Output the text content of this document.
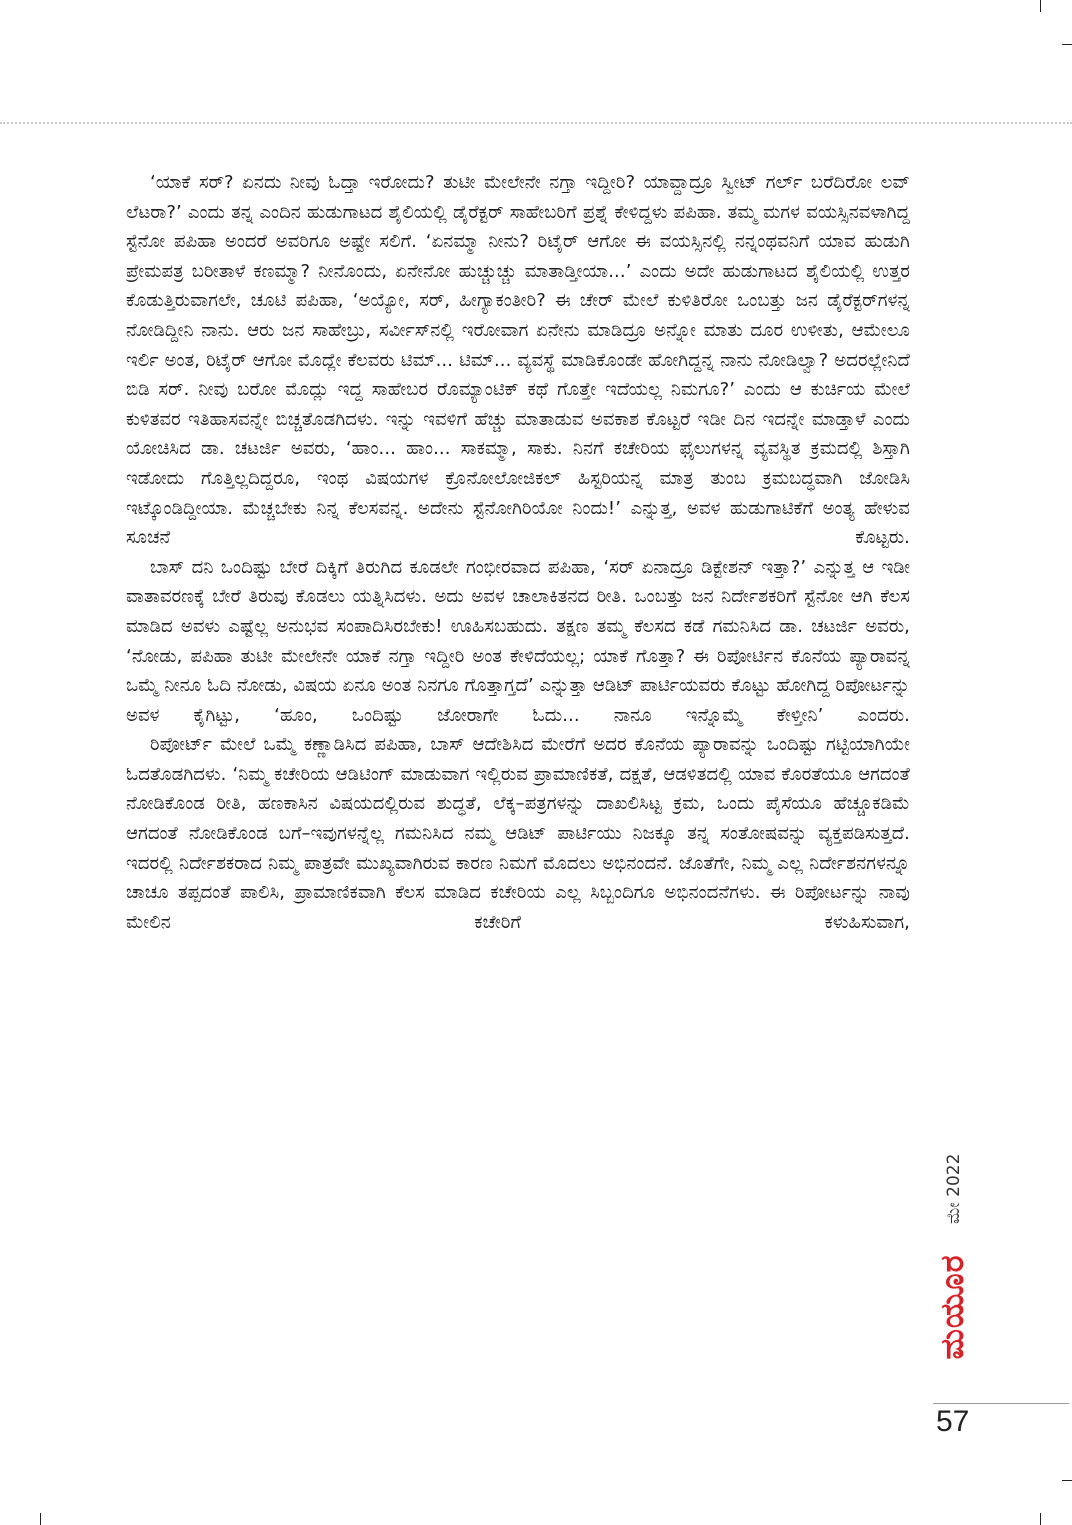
‘ಯಾಕೆ ಸರ್? ಏನದು ನೀವು ಓದ್ತಾ ಇರೋದು? ತುಟೀ ಮೇಲೇನೇ ನಗ್ತಾ ಇದ್ದೀರಿ? ಯಾವ್ದಾದ್ರೂ ಸ್ವೀಟ್ ಗರ್ಲ್ ಬರೆದಿರೋ ಲವ್ ಲೆಟರಾ?’ ಎಂದು ತನ್ನ ಎಂದಿನ ಹುಡುಗಾಟದ ಶೈಲಿಯಲ್ಲಿ ಡೈರೆಕ್ಟರ್ ಸಾಹೇಬರಿಗೆ ಪ್ರಶ್ನೆ ಕೇಳಿದ್ದಳು ಪಪಿಹಾ. ತಮ್ಮ ಮಗಳ ವಯಸ್ಸಿನವಳಾಗಿದ್ದ ಸ್ಟೆನೋ ಪಪಿಹಾ ಅಂದರೆ ಅವರಿಗೂ ಅಷ್ಟೇ ಸಲಿಗೆ. ‘ಏನಮ್ಮಾ ನೀನು? ರಿಟೈರ್ ಆಗೋ ಈ ವಯಸ್ಸಿನಲ್ಲಿ ನನ್ನಂಥವನಿಗೆ ಯಾವ ಹುಡುಗಿ ಪ್ರೇಮಪತ್ರ ಬರೀತಾಳೆ ಕಣಮ್ಮಾ? ನೀನೊಂದು, ಏನೇನೋ ಹುಚ್ಚುಚ್ಚು ಮಾತಾಡ್ತೀಯಾ...’ ಎಂದು ಅದೇ ಹುಡುಗಾಟದ ಶೈಲಿಯಲ್ಲಿ ಉತ್ತರ ಕೊಡುತ್ತಿರುವಾಗಲೇ, ಚೂಟಿ ಪಪಿಹಾ, ‘ಅಯ್ಯೋ, ಸರ್, ಹೀಗ್ಯಾಕಂತೀರಿ? ಈ ಚೇರ್ ಮೇಲೆ ಕುಳಿತಿರೋ ಒಂಬತ್ತು ಜನ ಡೈರೆಕ್ಟರ್‌ಗಳನ್ನ ನೋಡಿದ್ದೀನಿ ನಾನು. ಆರು ಜನ ಸಾಹೇಬ್ರು, ಸರ್ವೀಸ್‌ನಲ್ಲಿ ಇರೋವಾಗ ಏನೇನು ಮಾಡಿದ್ರೂ ಅನ್ನೋ ಮಾತು ದೂರ ಉಳೀತು, ಆಮೇಲೂ ಇರ್ಲಿ ಅಂತ, ರಿಟೈರ್ ಆಗೋ ಮೊದ್ಲೇ ಕೆಲವರು ಟಿಮ್... ಟಿಮ್... ವ್ಯವಸ್ಥೆ ಮಾಡಿಕೊಂಡೇ ಹೋಗಿದ್ದನ್ನ ನಾನು ನೋಡಿಲ್ವಾ? ಅದರಲ್ಲೇನಿದೆ ಬಿಡಿ ಸರ್. ನೀವು ಬರೋ ಮೊದ್ಲು ಇದ್ದ ಸಾಹೇಬರ ರೊಮ್ಯಾಂಟಿಕ್ ಕಥೆ ಗೊತ್ತೇ ಇದೆಯಲ್ಲ ನಿಮಗೂ?’ ಎಂದು ಆ ಕುರ್ಚಿಯ ಮೇಲೆ ಕುಳಿತವರ ಇತಿಹಾಸವನ್ನೇ ಬಿಚ್ಚತೊಡಗಿದಳು. ಇನ್ನು ಇವಳಿಗೆ ಹೆಚ್ಚು ಮಾತಾಡುವ ಅವಕಾಶ ಕೊಟ್ಟರೆ ಇಡೀ ದಿನ ಇದನ್ನೇ ಮಾಡ್ತಾಳೆ ಎಂದು ಯೋಚಿಸಿದ ಡಾ. ಚಟರ್ಜಿ ಅವರು, ‘ಹಾಂ... ಹಾಂ... ಸಾಕಮ್ಮಾ, ಸಾಕು. ನಿನಗೆ ಕಚೇರಿಯ ಫೈಲುಗಳನ್ನ ವ್ಯವಸ್ಥಿತ ಕ್ರಮದಲ್ಲಿ ಶಿಸ್ತಾಗಿ ಇಡೋದು ಗೊತ್ತಿಲ್ಲದಿದ್ದರೂ, ಇಂಥ ವಿಷಯಗಳ ಕ್ರೊನೋಲೋಜಿಕಲ್ ಹಿಸ್ಟರಿಯನ್ನ ಮಾತ್ರ ತುಂಬ ಕ್ರಮಬದ್ಧವಾಗಿ ಜೋಡಿಸಿ ಇಟ್ಕೊಂಡಿದ್ದೀಯಾ. ಮೆಚ್ಚಬೇಕು ನಿನ್ನ ಕೆಲಸವನ್ನ. ಅದೇನು ಸ್ಟೆನೋಗಿರಿಯೋ ನಿಂದು!’ ಎನ್ನುತ್ತ, ಅವಳ ಹುಡುಗಾಟಿಕೆಗೆ ಅಂತ್ಯ ಹೇಳುವ ಸೂಚನೆ ಕೊಟ್ಟರು.

ಬಾಸ್ ದನಿ ಒಂದಿಷ್ಟು ಬೇರೆ ದಿಕ್ಕಿಗೆ ತಿರುಗಿದ ಕೂಡಲೇ ಗಂಭೀರವಾದ ಪಪಿಹಾ, ‘ಸರ್ ಏನಾದ್ರೂ ಡಿಕ್ಟೇಶನ್ ಇತ್ತಾ?’ ಎನ್ನುತ್ತ ಆ ಇಡೀ ವಾತಾವರಣಕ್ಕೆ ಬೇರೆ ತಿರುವು ಕೊಡಲು ಯತ್ನಿಸಿದಳು. ಅದು ಅವಳ ಚಾಲಾಕಿತನದ ರೀತಿ. ಒಂಬತ್ತು ಜನ ನಿರ್ದೇಶಕರಿಗೆ ಸ್ಟೆನೋ ಆಗಿ ಕೆಲಸ ಮಾಡಿದ ಅವಳು ಎಷ್ಟೆಲ್ಲ ಅನುಭವ ಸಂಪಾದಿಸಿರಬೇಕು! ಊಹಿಸಬಹುದು. ತಕ್ಷಣ ತಮ್ಮ ಕೆಲಸದ ಕಡೆ ಗಮನಿಸಿದ ಡಾ. ಚಟರ್ಜಿ ಅವರು, ‘ನೋಡು, ಪಪಿಹಾ ತುಟೀ ಮೇಲೇನೇ ಯಾಕೆ ನಗ್ತಾ ಇದ್ದೀರಿ ಅಂತ ಕೇಳಿದೆಯಲ್ಲ; ಯಾಕೆ ಗೊತ್ತಾ? ಈ ರಿಪೋರ್ಟಿನ ಕೊನೆಯ ಪ್ಯಾರಾವನ್ನ ಒಮ್ಮೆ ನೀನೂ ಓದಿ ನೋಡು, ವಿಷಯ ಏನೂ ಅಂತ ನಿನಗೂ ಗೊತ್ತಾಗ್ತದೆ’ ಎನ್ನುತ್ತಾ ಆಡಿಟ್ ಪಾರ್ಟಿಯವರು ಕೊಟ್ಟು ಹೋಗಿದ್ದ ರಿಪೋರ್ಟನ್ನು ಅವಳ ಕೈಗಿಟ್ಟು, ‘ಹೂಂ, ಒಂದಿಷ್ಟು ಜೋರಾಗೇ ಓದು... ನಾನೂ ಇನ್ನೊಮ್ಮೆ ಕೇಳ್ತೀನಿ’ ಎಂದರು.

ರಿಪೋರ್ಟ್ ಮೇಲೆ ಒಮ್ಮೆ ಕಣ್ಣಾಡಿಸಿದ ಪಪಿಹಾ, ಬಾಸ್ ಆದೇಶಿಸಿದ ಮೇರೆಗೆ ಅದರ ಕೊನೆಯ ಪ್ಯಾರಾವನ್ನು ಒಂದಿಷ್ಟು ಗಟ್ಟಿಯಾಗಿಯೇ ಓದತೊಡಗಿದಳು. ‘ನಿಮ್ಮ ಕಚೇರಿಯ ಆಡಿಟಿಂಗ್ ಮಾಡುವಾಗ ಇಲ್ಲಿರುವ ಪ್ರಾಮಾಣಿಕತೆ, ದಕ್ಷತೆ, ಆಡಳಿತದಲ್ಲಿ ಯಾವ ಕೊರತೆಯೂ ಆಗದಂತೆ ನೋಡಿಕೊಂಡ ರೀತಿ, ಹಣಕಾಸಿನ ವಿಷಯದಲ್ಲಿರುವ ಶುದ್ಧತೆ, ಲೆಕ್ಕ–ಪತ್ರಗಳನ್ನು ದಾಖಲಿಸಿಟ್ಟ ಕ್ರಮ, ಒಂದು ಪೈಸೆಯೂ ಹೆಚ್ಚೂಕಡಿಮೆ ಆಗದಂತೆ ನೋಡಿಕೊಂಡ ಬಗೆ–ಇವುಗಳನ್ನೆಲ್ಲ ಗಮನಿಸಿದ ನಮ್ಮ ಆಡಿಟ್ ಪಾರ್ಟಿಯು ನಿಜಕ್ಕೂ ತನ್ನ ಸಂತೋಷವನ್ನು ವ್ಯಕ್ತಪಡಿಸುತ್ತದೆ. ಇದರಲ್ಲಿ ನಿರ್ದೇಶಕರಾದ ನಿಮ್ಮ ಪಾತ್ರವೇ ಮುಖ್ಯವಾಗಿರುವ ಕಾರಣ ನಿಮಗೆ ಮೊದಲು ಅಭಿನಂದನೆ. ಜೊತೆಗೇ, ನಿಮ್ಮ ಎಲ್ಲ ನಿರ್ದೇಶನಗಳನ್ನೂ ಚಾಚೂ ತಪ್ಪದಂತೆ ಪಾಲಿಸಿ, ಪ್ರಾಮಾಣಿಕವಾಗಿ ಕೆಲಸ ಮಾಡಿದ ಕಚೇರಿಯ ಎಲ್ಲ ಸಿಬ್ಬಂದಿಗೂ ಅಭಿನಂದನೆಗಳು. ಈ ರಿಪೋರ್ಟನ್ನು ನಾವು ಮೇಲಿನ ಕಚೇರಿಗೆ ಕಳುಹಿಸುವಾಗ,

ಮೇ 2022
ಮಯೂರ
57
